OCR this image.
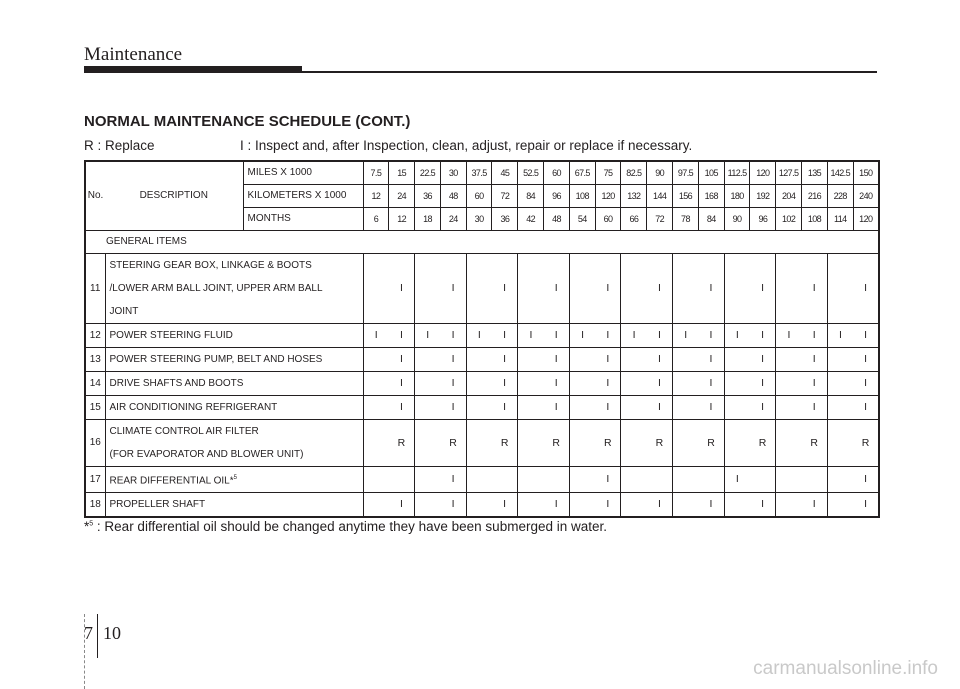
Maintenance
NORMAL MAINTENANCE SCHEDULE (CONT.)
R : Replace	I : Inspect and, after Inspection, clean, adjust, repair or replace if necessary.
No.	DESCRIPTION	MILES X 1000	7.5	15	22.5	30	37.5	45	52.5	60	67.5	75	82.5	90	97.5	105	112.5	120	127.5	135	142.5	150
		KILOMETERS X 1000	12	24	36	48	60	72	84	96	108	120	132	144	156	168	180	192	204	216	228	240
		MONTHS	6	12	18	24	30	36	42	48	54	60	66	72	78	84	90	96	102	108	114	120
GENERAL ITEMS																						
11	STEERING GEAR BOX, LINKAGE & BOOTS
/LOWER ARM BALL JOINT, UPPER ARM BALL
JOINT			I		I		I		I		I		I		I		I		I		I
12	POWER STEERING FLUID		I	I	I	I	I	I	I	I	I	I	I	I	I	I	I	I	I	I	I	I
13	POWER STEERING PUMP, BELT AND HOSES			I		I		I		I		I		I		I		I		I		I
14	DRIVE SHAFTS AND BOOTS			I		I		I		I		I		I		I		I		I		I
15	AIR CONDITIONING REFRIGERANT			I		I		I		I		I		I		I		I		I		I
16	CLIMATE CONTROL AIR FILTER
(FOR EVAPORATOR AND BLOWER UNIT)			R		R		R		R		R		R		R		R		R		R
17	REAR DIFFERENTIAL OIL*$^5$					I						I					I					I
18	PROPELLER SHAFT			I		I		I		I		I		I		I		I		I		I
*$^5$ : Rear differential oil should be changed anytime they have been submerged in water.
7 10
carmanualsonline.info
